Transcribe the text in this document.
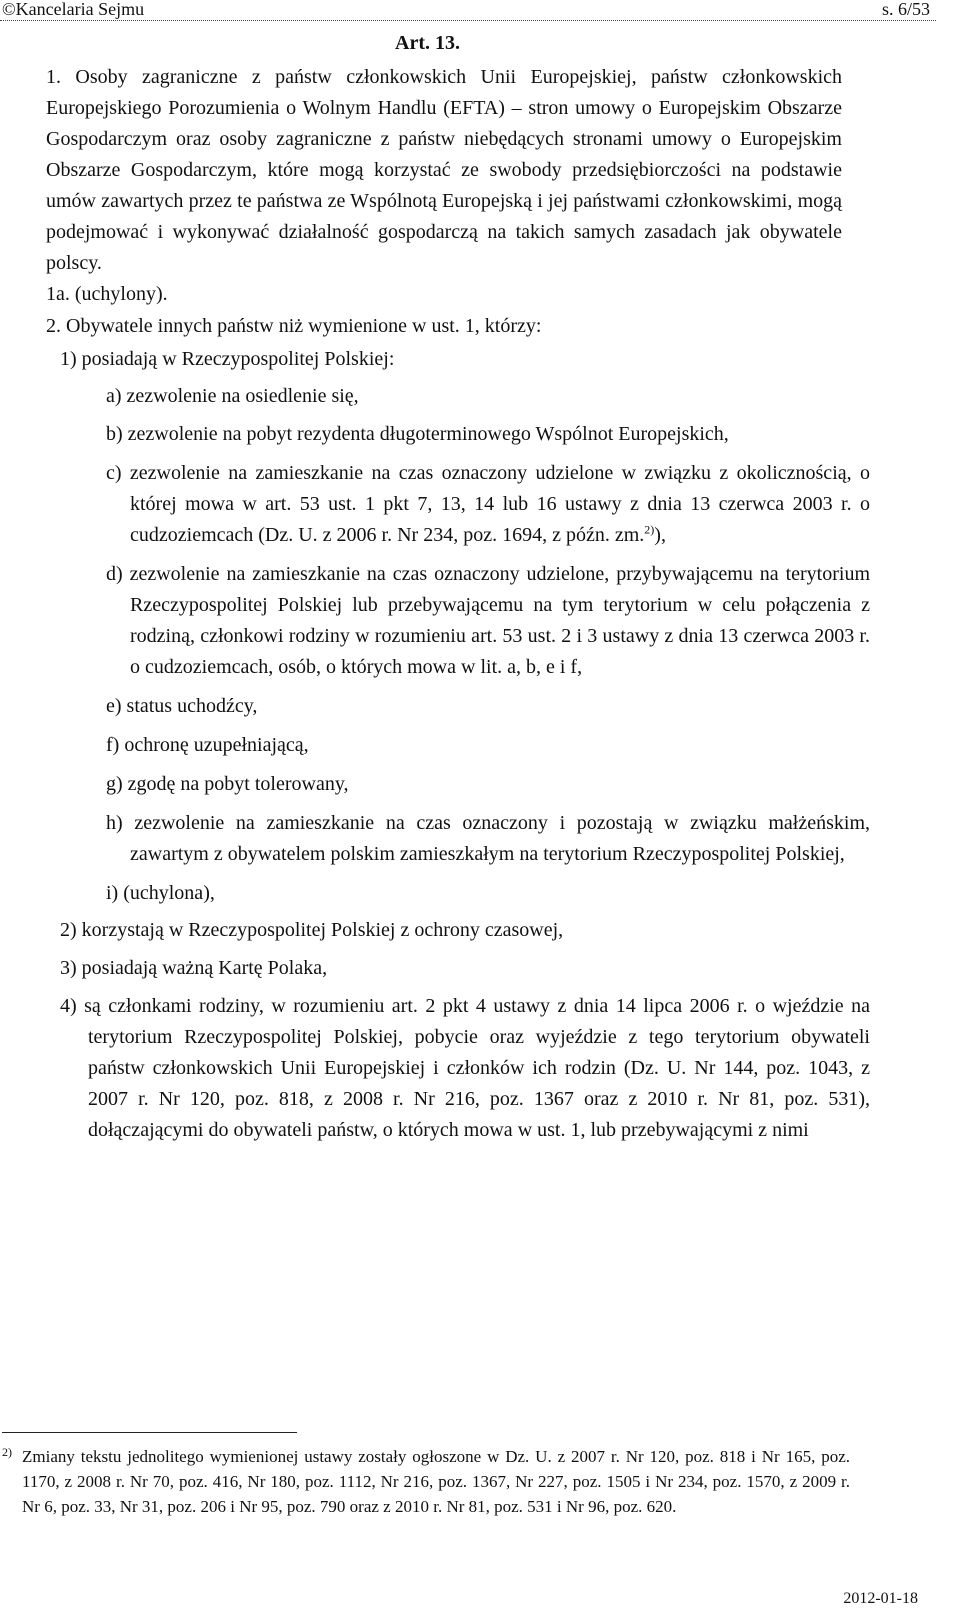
©Kancelaria Sejmu	s. 6/53
Art. 13.

1. Osoby zagraniczne z państw członkowskich Unii Europejskiej, państw członkowskich Europejskiego Porozumienia o Wolnym Handlu (EFTA) – stron umowy o Europejskim Obszarze Gospodarczym oraz osoby zagraniczne z państw niebędących stronami umowy o Europejskim Obszarze Gospodarczym, które mogą korzystać ze swobody przedsiębiorczości na podstawie umów zawartych przez te państwa ze Wspólnotą Europejską i jej państwami członkowskimi, mogą podejmować i wykonywać działalność gospodarczą na takich samych zasadach jak obywatele polscy.

1a. (uchylony).

2. Obywatele innych państw niż wymienione w ust. 1, którzy:

1) posiadają w Rzeczypospolitej Polskiej:

a) zezwolenie na osiedlenie się,

b) zezwolenie na pobyt rezydenta długoterminowego Wspólnot Europejskich,

c) zezwolenie na zamieszkanie na czas oznaczony udzielone w związku z okolicznością, o której mowa w art. 53 ust. 1 pkt 7, 13, 14 lub 16 ustawy z dnia 13 czerwca 2003 r. o cudzoziemcach (Dz. U. z 2006 r. Nr 234, poz. 1694, z późn. zm.$^{2)}$),

d) zezwolenie na zamieszkanie na czas oznaczony udzielone, przybywającemu na terytorium Rzeczypospolitej Polskiej lub przebywającemu na tym terytorium w celu połączenia z rodziną, członkowi rodziny w rozumieniu art. 53 ust. 2 i 3 ustawy z dnia 13 czerwca 2003 r. o cudzoziemcach, osób, o których mowa w lit. a, b, e i f,

e) status uchodźcy,

f) ochronę uzupełniającą,

g) zgodę na pobyt tolerowany,

h) zezwolenie na zamieszkanie na czas oznaczony i pozostają w związku małżeńskim, zawartym z obywatelem polskim zamieszkałym na terytorium Rzeczypospolitej Polskiej,

i) (uchylona),

2) korzystają w Rzeczypospolitej Polskiej z ochrony czasowej,

3) posiadają ważną Kartę Polaka,

4) są członkami rodziny, w rozumieniu art. 2 pkt 4 ustawy z dnia 14 lipca 2006 r. o wjeździe na terytorium Rzeczypospolitej Polskiej, pobycie oraz wyjeździe z tego terytorium obywateli państw członkowskich Unii Europejskiej i członków ich rodzin (Dz. U. Nr 144, poz. 1043, z 2007 r. Nr 120, poz. 818, z 2008 r. Nr 216, poz. 1367 oraz z 2010 r. Nr 81, poz. 531), dołączającymi do obywateli państw, o których mowa w ust. 1, lub przebywającymi z nimi

2) Zmiany tekstu jednolitego wymienionej ustawy zostały ogłoszone w Dz. U. z 2007 r. Nr 120, poz. 818 i Nr 165, poz. 1170, z 2008 r. Nr 70, poz. 416, Nr 180, poz. 1112, Nr 216, poz. 1367, Nr 227, poz. 1505 i Nr 234, poz. 1570, z 2009 r. Nr 6, poz. 33, Nr 31, poz. 206 i Nr 95, poz. 790 oraz z 2010 r. Nr 81, poz. 531 i Nr 96, poz. 620.
2012-01-18
